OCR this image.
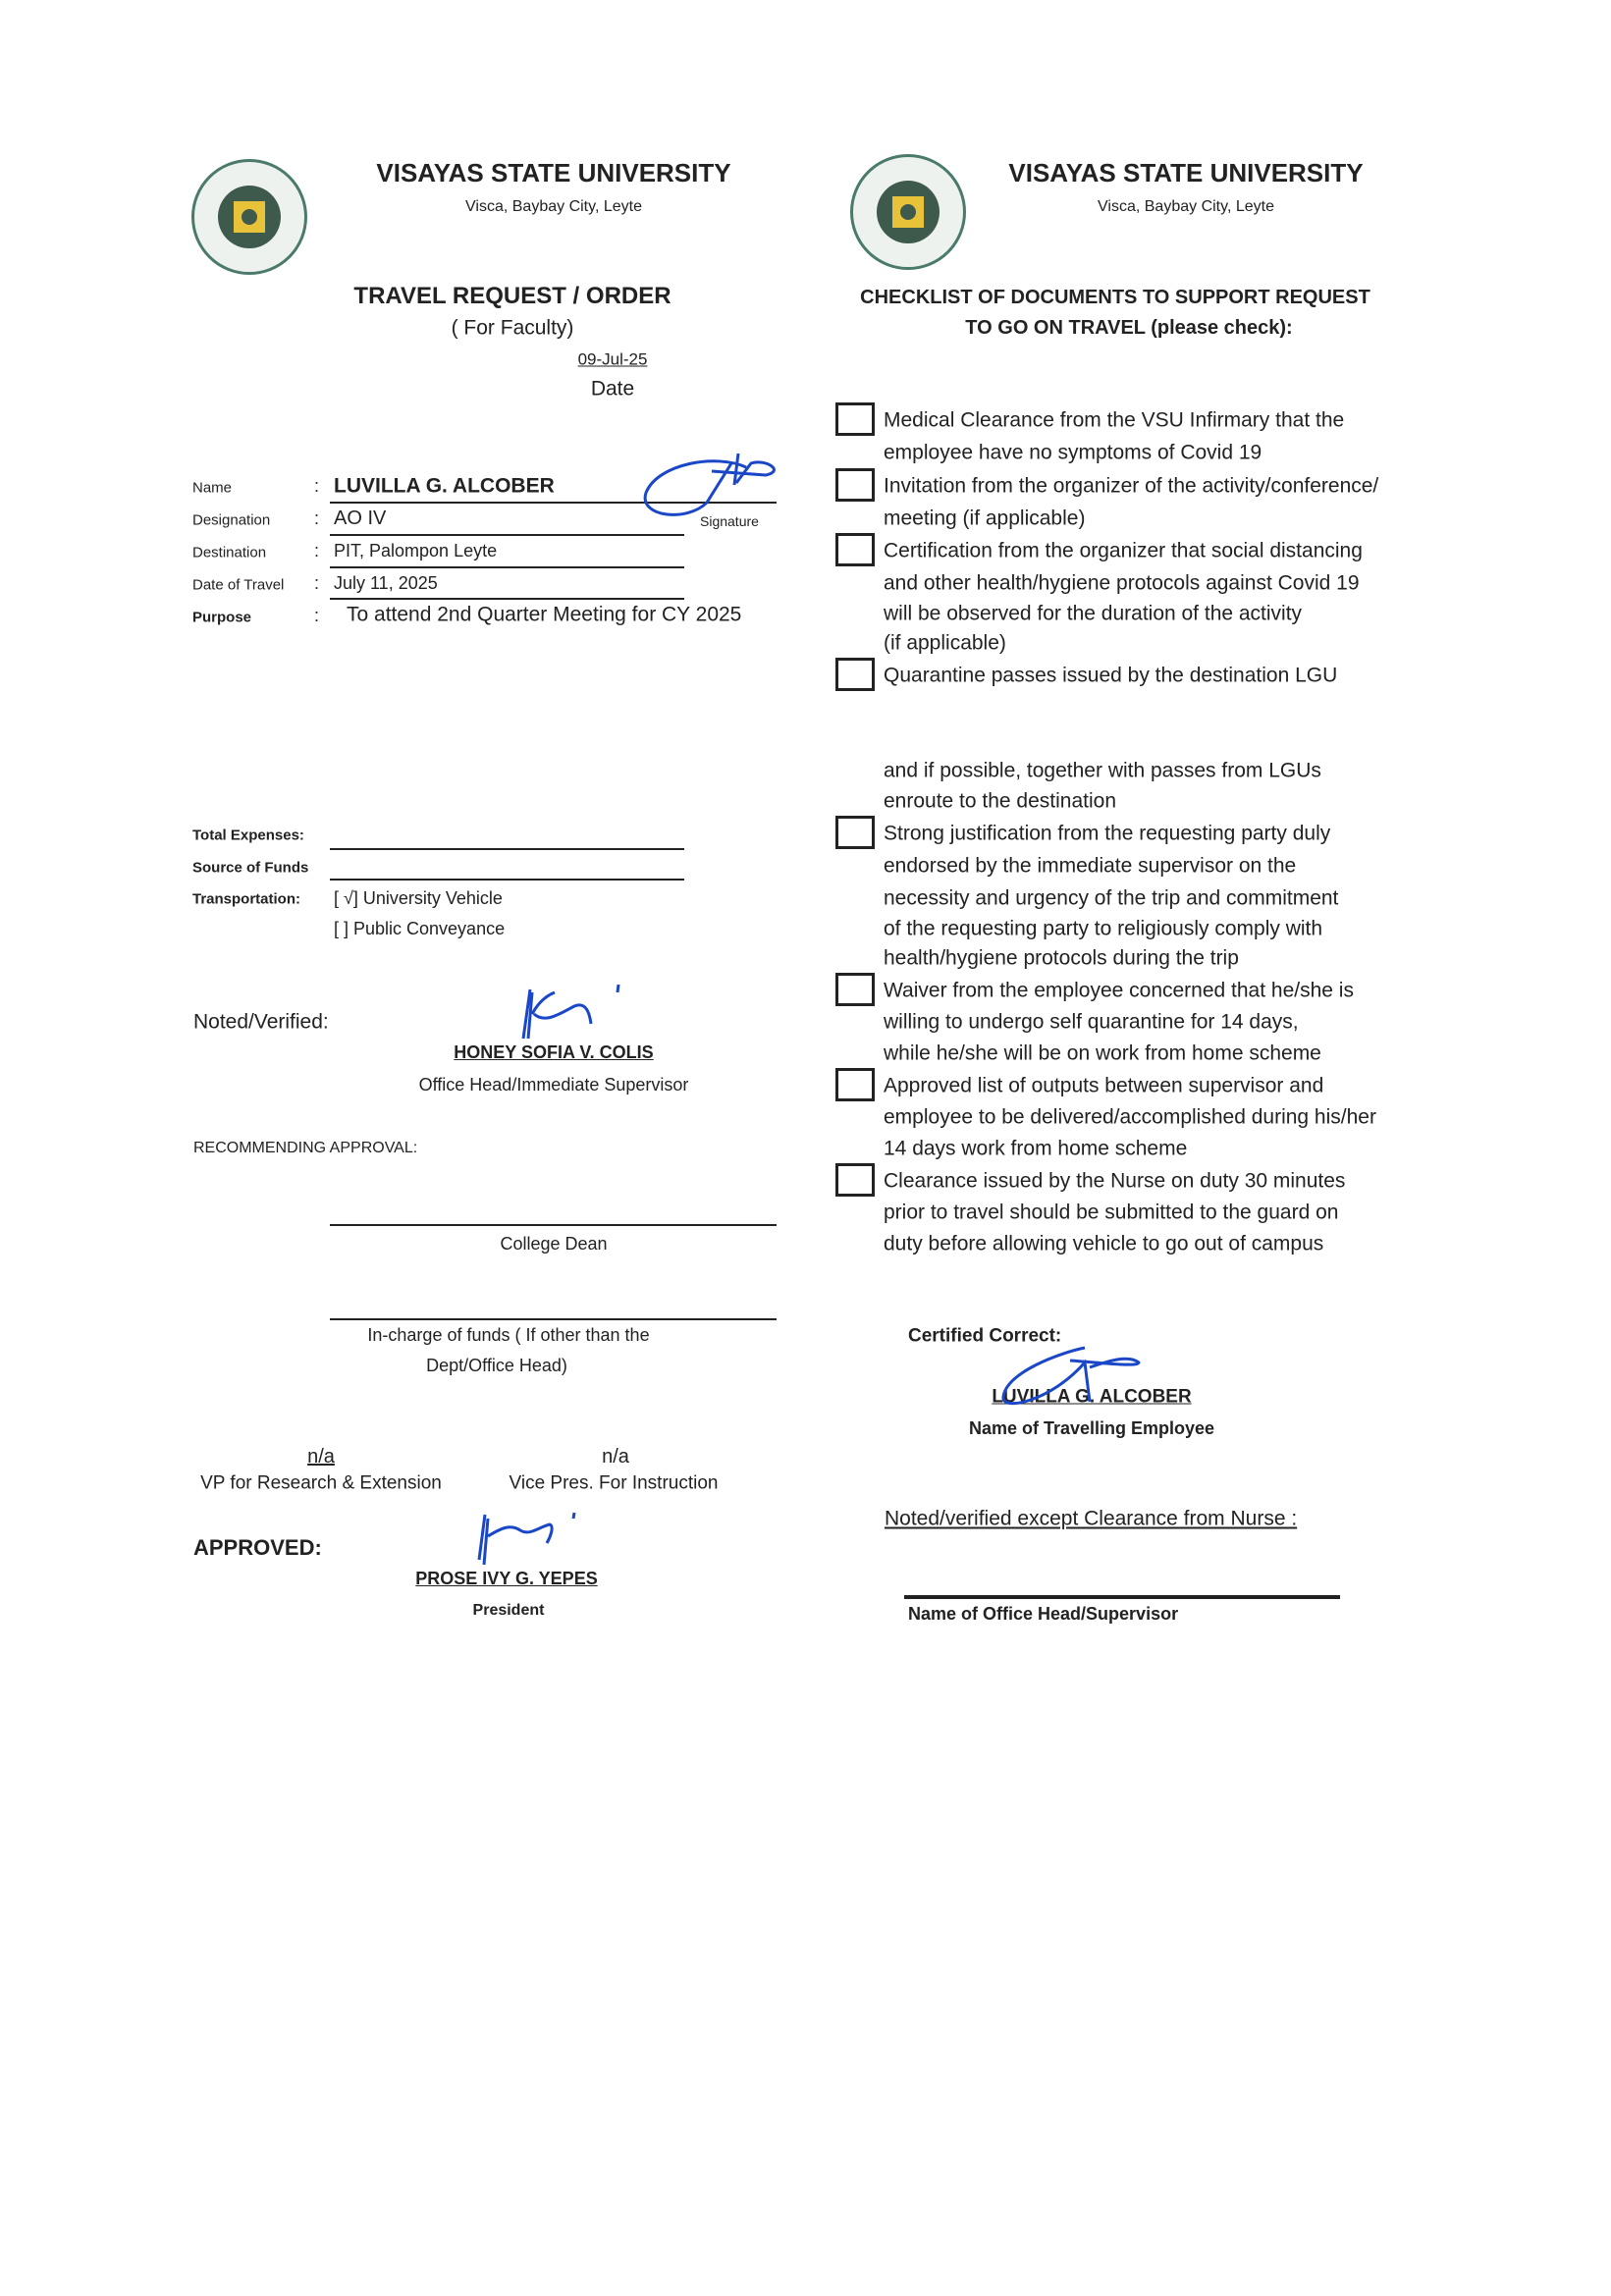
VISAYAS STATE UNIVERSITY
Visca, Baybay City, Leyte
TRAVEL REQUEST / ORDER
( For Faculty)
09-Jul-25
Date
Name	: LUVILLA G. ALCOBER
Signature
Designation : AO IV
Destination	: PIT, Palompon Leyte
Date of Travel : July 11, 2025
Purpose	: To attend 2nd Quarter Meeting for CY 2025
Total Expenses:
Source of Funds
Transportation: [ √] University Vehicle
[ ] Public Conveyance
Noted/Verified:
HONEY SOFIA V. COLIS
Office Head/Immediate Supervisor
RECOMMENDING APPROVAL:
College Dean
In-charge of funds ( If other than the
Dept/Office Head)
n/a
VP for Research & Extension
n/a
Vice Pres. For Instruction
APPROVED:
PROSE IVY G. YEPES
President
VISAYAS STATE UNIVERSITY
Visca, Baybay City, Leyte
CHECKLIST OF DOCUMENTS TO SUPPORT REQUEST
TO GO ON TRAVEL (please check):
Medical Clearance from the VSU Infirmary that the
employee have no symptoms of Covid 19
Invitation from the organizer of the activity/conference/
meeting (if applicable)
Certification from the organizer that social distancing
and other health/hygiene protocols against Covid 19
will be observed for the duration of the activity
(if applicable)
Quarantine passes issued by the destination LGU
and if possible, together with passes from LGUs
enroute to the destination
Strong justification from the requesting party duly
endorsed by the immediate supervisor on the
necessity and urgency of the trip and commitment
of the requesting party to religiously comply with
health/hygiene protocols during the trip
Waiver from the employee concerned that he/she is
willing to undergo self quarantine for 14 days,
while he/she will be on work from home scheme
Approved list of outputs between supervisor and
employee to be delivered/accomplished during his/her
14 days work from home scheme
Clearance issued by the Nurse on duty 30 minutes
prior to travel should be submitted to the guard on
duty before allowing vehicle to go out of campus
Certified Correct:
LUVILLA G. ALCOBER
Name of Travelling Employee
Noted/verified except Clearance from Nurse :
Name of Office Head/Supervisor
